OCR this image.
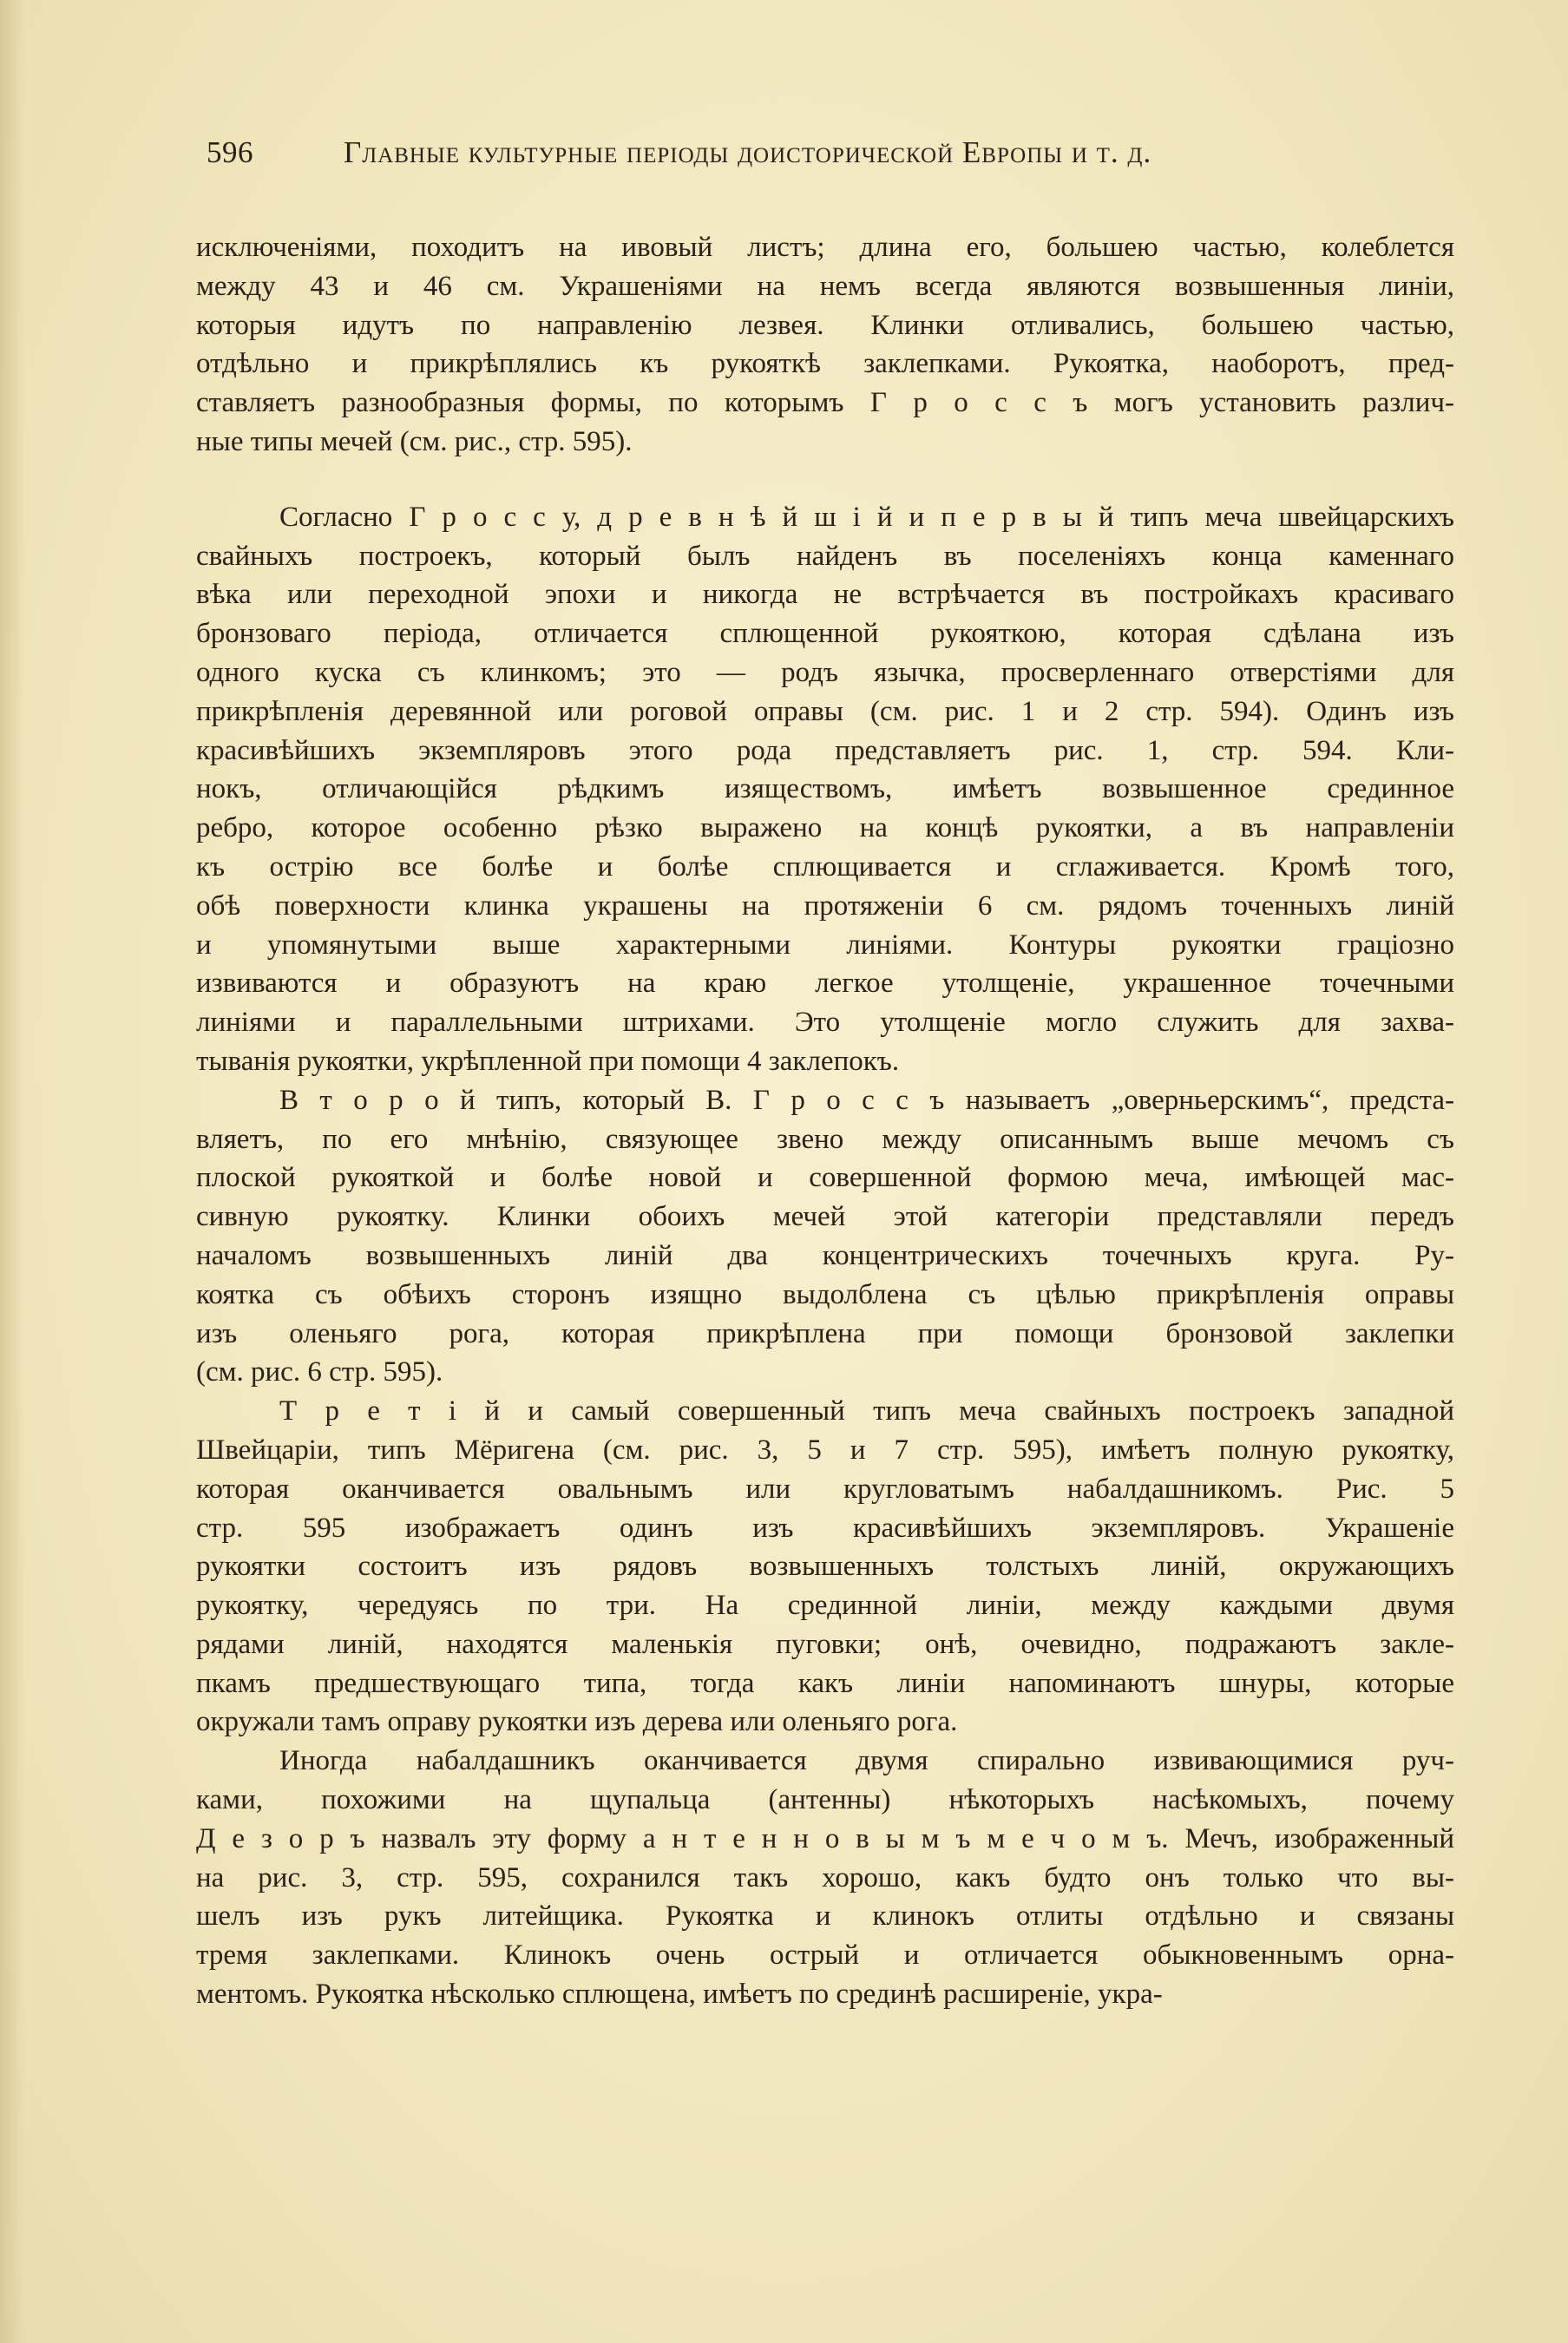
596	Главные культурные періоды доисторической Европы и т. д.

исключеніями, походитъ на ивовый листъ; длина его, большею частью, колеблется
между 43 и 46 см. Украшеніями на немъ всегда являются возвышенныя линіи,
которыя идутъ по направленію лезвея. Клинки отливались, большею частью,
отдѣльно и прикрѣплялись къ рукояткѣ заклепками. Рукоятка, наоборотъ, пред-
ставляетъ разнообразныя формы, по которымъ Г р о с с ъ могъ установить различ-
ные типы мечей (см. рис., стр. 595).

Согласно Г р о с с у, д р е в н ѣ й ш і й и п е р в ы й типъ меча швейцарскихъ
свайныхъ построекъ, который былъ найденъ въ поселеніяхъ конца каменнаго
вѣка или переходной эпохи и никогда не встрѣчается въ постройкахъ красиваго
бронзоваго періода, отличается сплющенной рукояткою, которая сдѣлана изъ
одного куска съ клинкомъ; это — родъ язычка, просверленнаго отверстіями для
прикрѣпленія деревянной или роговой оправы (см. рис. 1 и 2 стр. 594). Одинъ изъ
красивѣйшихъ экземпляровъ этого рода представляетъ рис. 1, стр. 594. Кли-
нокъ, отличающійся рѣдкимъ изяществомъ, имѣетъ возвышенное срединное
ребро, которое особенно рѣзко выражено на концѣ рукоятки, а въ направленіи
къ острію все болѣе и болѣе сплющивается и сглаживается. Кромѣ того,
обѣ поверхности клинка украшены на протяженіи 6 см. рядомъ точенныхъ линій
и упомянутыми выше характерными линіями. Контуры рукоятки граціозно
извиваются и образуютъ на краю легкое утолщеніе, украшенное точечными
линіями и параллельными штрихами. Это утолщеніе могло служить для захва-
тыванія рукоятки, укрѣпленной при помощи 4 заклепокъ.

В т о р о й типъ, который В. Г р о с с ъ называетъ „оверньерскимъ“, предста-
вляетъ, по его мнѣнію, связующее звено между описаннымъ выше мечомъ съ
плоской рукояткой и болѣе новой и совершенной формою меча, имѣющей мас-
сивную рукоятку. Клинки обоихъ мечей этой категоріи представляли передъ
началомъ возвышенныхъ линій два концентрическихъ точечныхъ круга. Ру-
коятка съ обѣихъ сторонъ изящно выдолблена съ цѣлью прикрѣпленія оправы
изъ оленьяго рога, которая прикрѣплена при помощи бронзовой заклепки
(см. рис. 6 стр. 595).

Т р е т і й и самый совершенный типъ меча свайныхъ построекъ западной
Швейцаріи, типъ Мёригена (см. рис. 3, 5 и 7 стр. 595), имѣетъ полную рукоятку,
которая оканчивается овальнымъ или кругловатымъ набалдашникомъ. Рис. 5
стр. 595 изображаетъ одинъ изъ красивѣйшихъ экземпляровъ. Украшеніе
рукоятки состоитъ изъ рядовъ возвышенныхъ толстыхъ линій, окружающихъ
рукоятку, чередуясь по три. На срединной линіи, между каждыми двумя
рядами линій, находятся маленькія пуговки; онѣ, очевидно, подражаютъ закле-
пкамъ предшествующаго типа, тогда какъ линіи напоминаютъ шнуры, которые
окружали тамъ оправу рукоятки изъ дерева или оленьяго рога.

Иногда набалдашникъ оканчивается двумя спирально извивающимися руч-
ками, похожими на щупальца (антенны) нѣкоторыхъ насѣкомыхъ, почему
Д е з о р ъ назвалъ эту форму а н т е н н о в ы м ъ м е ч о м ъ. Мечъ, изображенный
на рис. 3, стр. 595, сохранился такъ хорошо, какъ будто онъ только что вы-
шелъ изъ рукъ литейщика. Рукоятка и клинокъ отлиты отдѣльно и связаны
тремя заклепками. Клинокъ очень острый и отличается обыкновеннымъ орна-
ментомъ. Рукоятка нѣсколько сплющена, имѣетъ по срединѣ расширеніе, укра-
